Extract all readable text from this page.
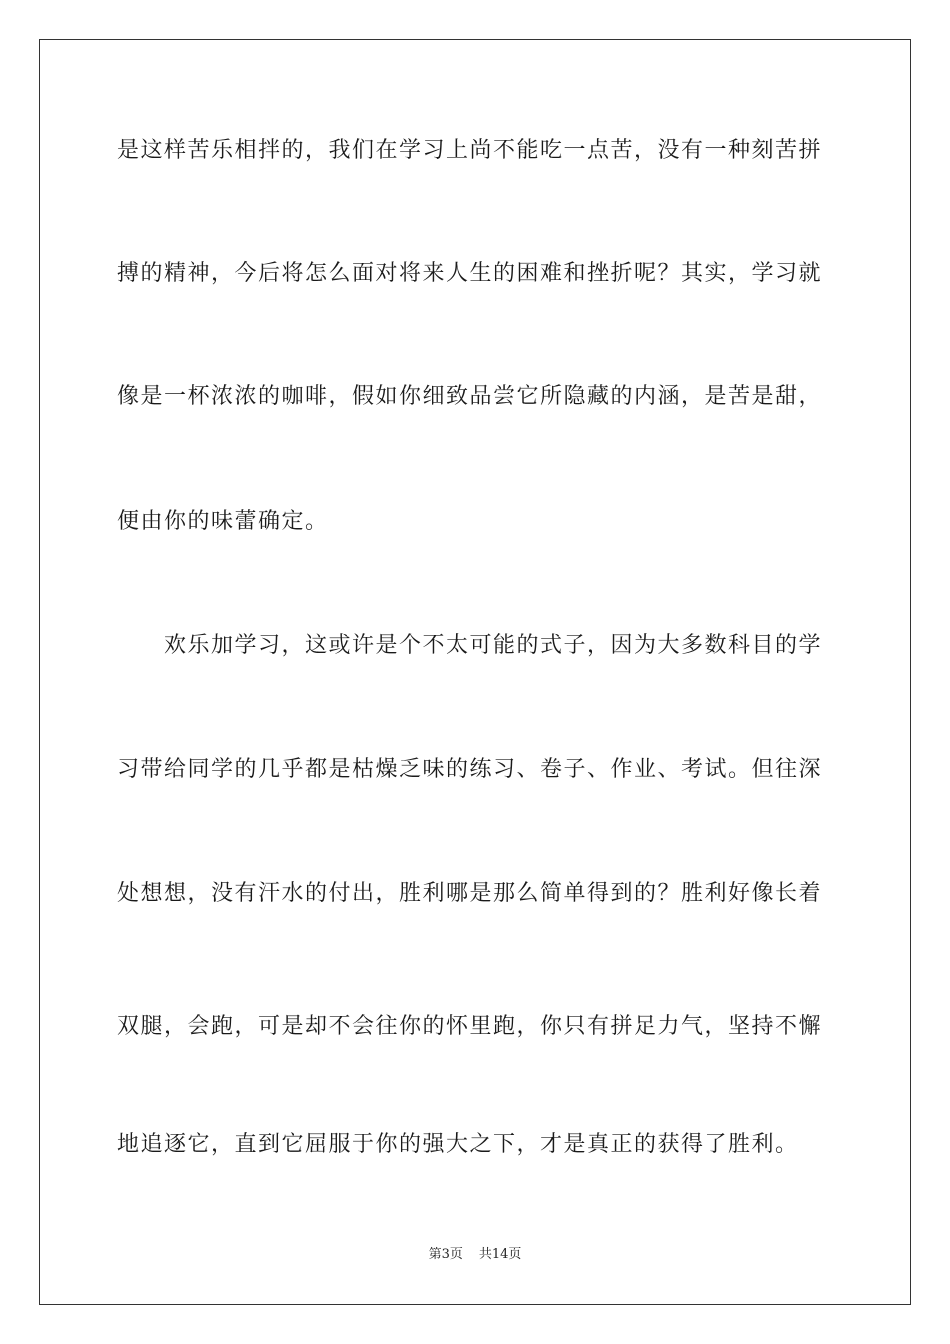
是这样苦乐相拌的，我们在学习上尚不能吃一点苦，没有一种刻苦拼
搏的精神，今后将怎么面对将来人生的困难和挫折呢？其实，学习就
像是一杯浓浓的咖啡，假如你细致品尝它所隐藏的内涵，是苦是甜，
便由你的味蕾确定。
　　欢乐加学习，这或许是个不太可能的式子，因为大多数科目的学
习带给同学的几乎都是枯燥乏味的练习、卷子、作业、考试。但往深
处想想，没有汗水的付出，胜利哪是那么简单得到的？胜利好像长着
双腿，会跑，可是却不会往你的怀里跑，你只有拼足力气，坚持不懈
地追逐它，直到它屈服于你的强大之下，才是真正的获得了胜利。
第3页 共14页
